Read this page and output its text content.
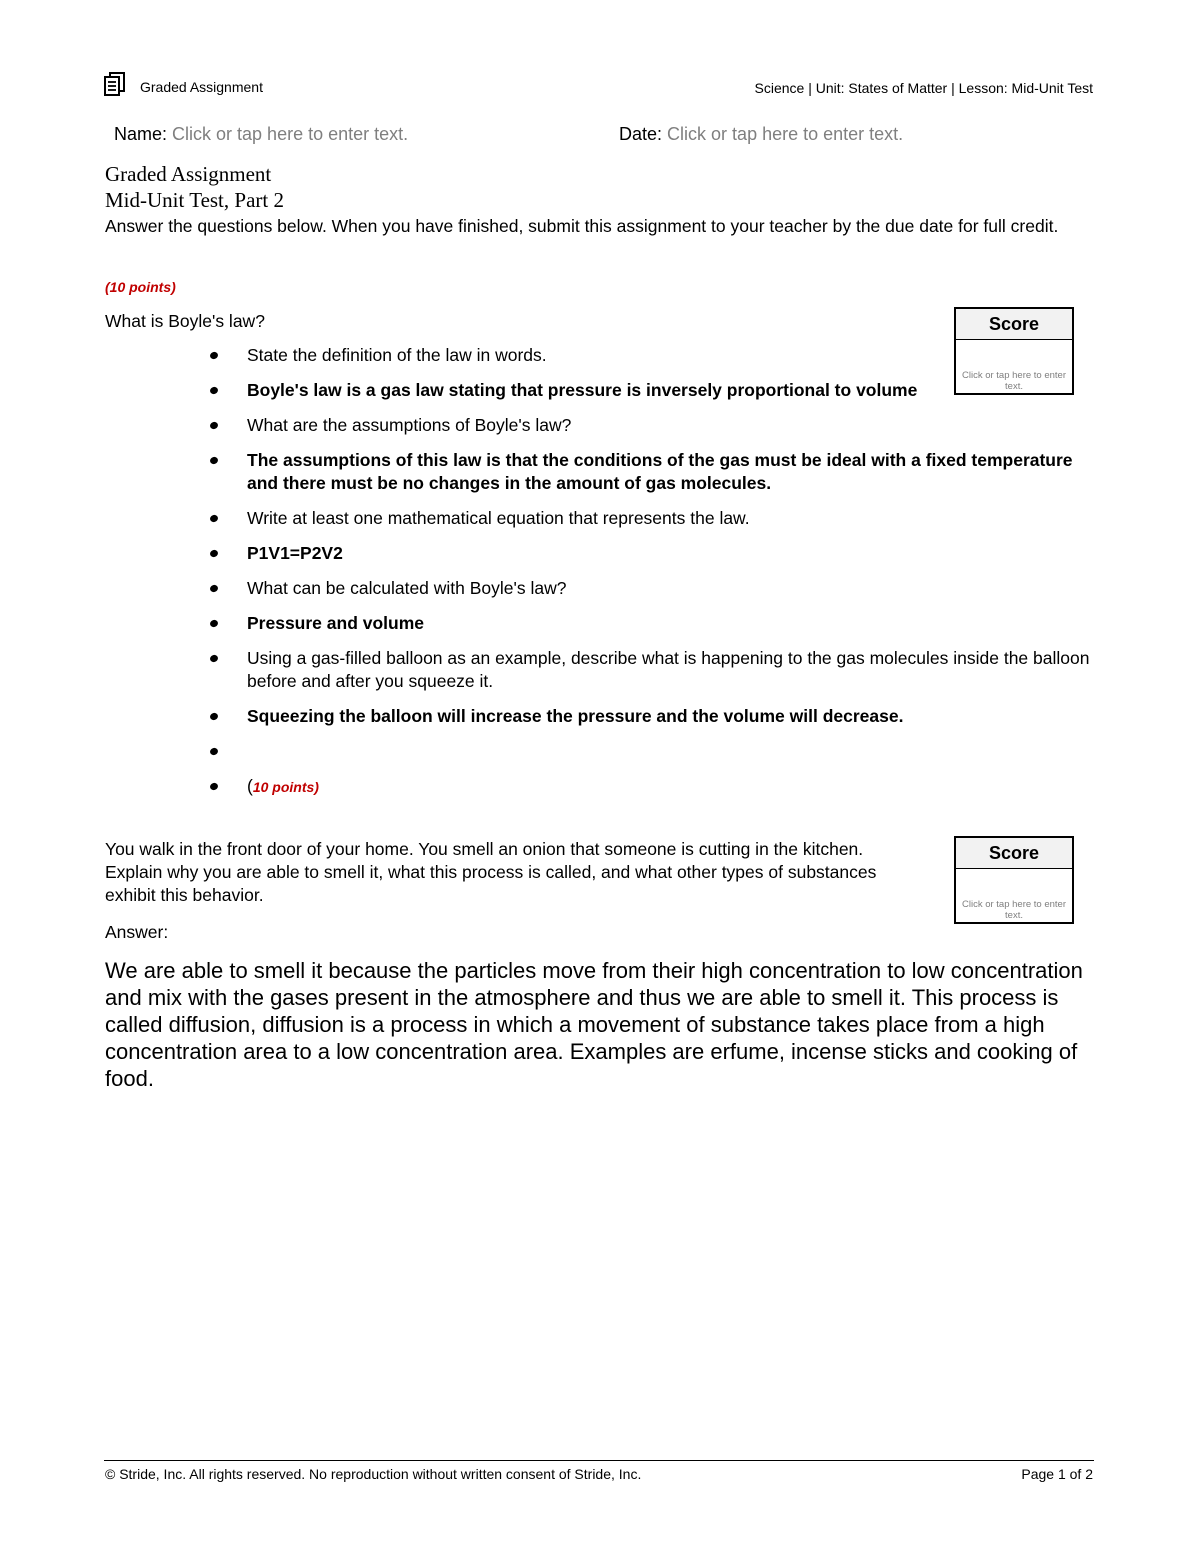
Graded Assignment	Science | Unit: States of Matter | Lesson: Mid-Unit Test
Name: Click or tap here to enter text.	Date: Click or tap here to enter text.
Graded Assignment
Mid-Unit Test, Part 2
Answer the questions below. When you have finished, submit this assignment to your teacher by the due date for full credit.
(10 points)
What is Boyle's law?	Score
Click or tap here to enter text.
State the definition of the law in words.
Boyle's law is a gas law stating that pressure is inversely proportional to volume
What are the assumptions of Boyle's law?
The assumptions of this law is that the conditions of the gas must be ideal with a fixed temperature and there must be no changes in the amount of gas molecules.
Write at least one mathematical equation that represents the law.
P1V1=P2V2
What can be calculated with Boyle's law?
Pressure and volume
Using a gas-filled balloon as an example, describe what is happening to the gas molecules inside the balloon before and after you squeeze it.
Squeezing the balloon will increase the pressure and the volume will decrease.
(10 points)
You walk in the front door of your home. You smell an onion that someone is cutting in the kitchen. Explain why you are able to smell it, what this process is called, and what other types of substances exhibit this behavior.
Score
Click or tap here to enter text.
Answer:
We are able to smell it because the particles move from their high concentration to low concentration and mix with the gases present in the atmosphere and thus we are able to smell it. This process is called diffusion, diffusion is a process in which a movement of substance takes place from a high concentration area to a low concentration area. Examples are erfume, incense sticks and cooking of food.
© Stride, Inc. All rights reserved. No reproduction without written consent of Stride, Inc.	Page 1 of 2
